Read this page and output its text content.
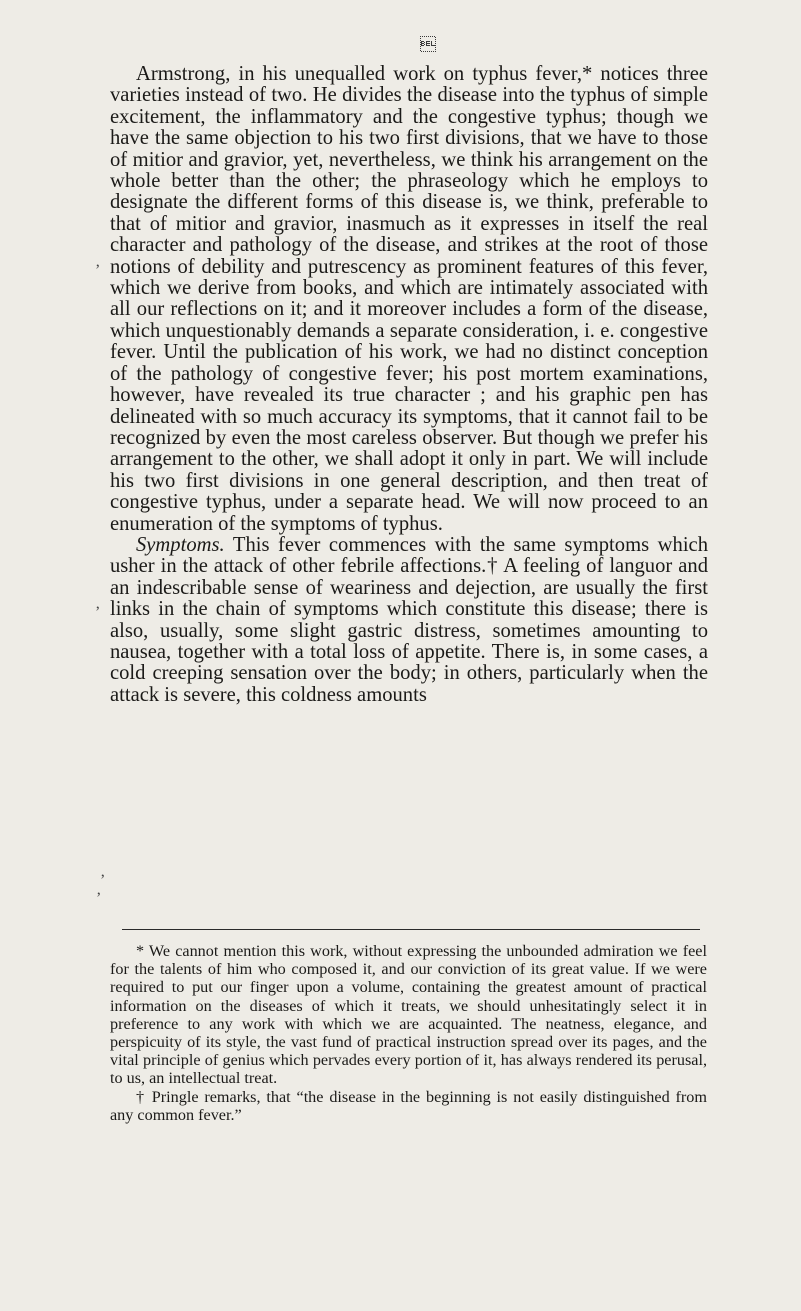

’
’
’
’

Armstrong, in his unequalled work on typhus fever,* notices three varieties instead of two. He divides the disease into the typhus of simple excitement, the inflammatory and the congestive typhus; though we have the same objection to his two first divisions, that we have to those of mitior and gravior, yet, nevertheless, we think his arrangement on the whole better than the other; the phraseology which he employs to designate the different forms of this disease is, we think, preferable to that of mitior and gravior, inasmuch as it expresses in itself the real character and pathology of the disease, and strikes at the root of those notions of debility and putrescency as prominent features of this fever, which we derive from books, and which are intimately associated with all our reflections on it; and it moreover includes a form of the disease, which unquestionably demands a separate consideration, i. e. congestive fever. Until the publication of his work, we had no distinct conception of the pathology of congestive fever; his post mortem examinations, however, have revealed its true character ; and his graphic pen has delineated with so much accuracy its symptoms, that it cannot fail to be recognized by even the most careless observer. But though we prefer his arrangement to the other, we shall adopt it only in part. We will include his two first divisions in one general description, and then treat of congestive typhus, under a separate head. We will now proceed to an enumeration of the symptoms of typhus.

Symptoms. This fever commences with the same symptoms which usher in the attack of other febrile affections.† A feeling of languor and an indescribable sense of weariness and dejection, are usually the first links in the chain of symptoms which constitute this disease; there is also, usually, some slight gastric distress, sometimes amounting to nausea, together with a total loss of appetite. There is, in some cases, a cold creeping sensation over the body; in others, particularly when the attack is severe, this coldness amounts

* We cannot mention this work, without expressing the unbounded admiration we feel for the talents of him who composed it, and our conviction of its great value. If we were required to put our finger upon a volume, containing the greatest amount of practical information on the diseases of which it treats, we should unhesitatingly select it in preference to any work with which we are acquainted. The neatness, elegance, and perspicuity of its style, the vast fund of practical instruction spread over its pages, and the vital principle of genius which pervades every portion of it, has always rendered its perusal, to us, an intellectual treat.

† Pringle remarks, that “the disease in the beginning is not easily distinguished from any common fever.”
